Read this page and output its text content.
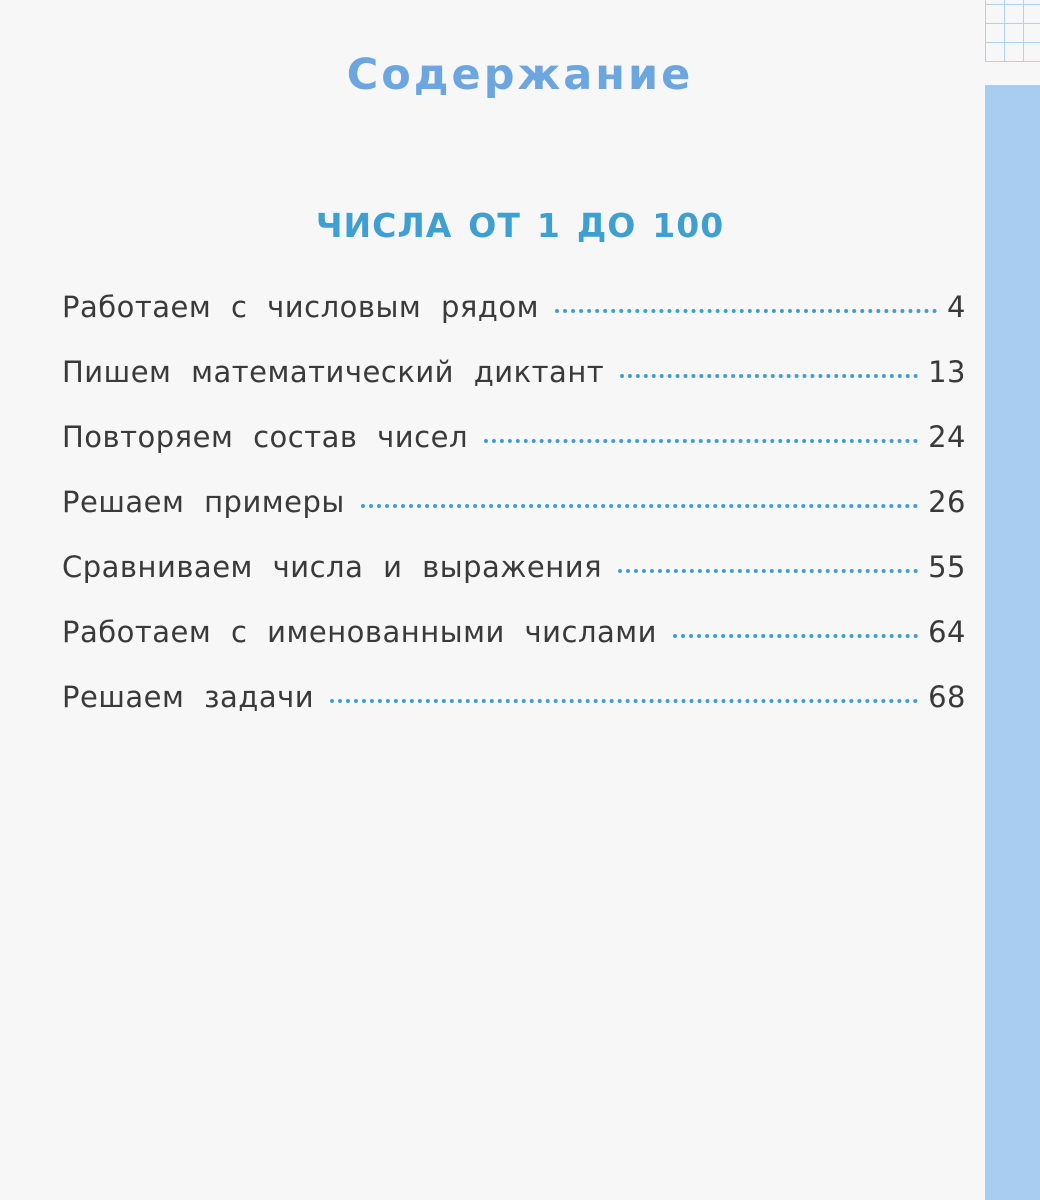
Содержание
ЧИСЛА ОТ 1 ДО 100
Работаем с числовым рядом	4
Пишем математический диктант	13
Повторяем состав чисел	24
Решаем примеры	26
Сравниваем числа и выражения	55
Работаем с именованными числами	64
Решаем задачи	68
